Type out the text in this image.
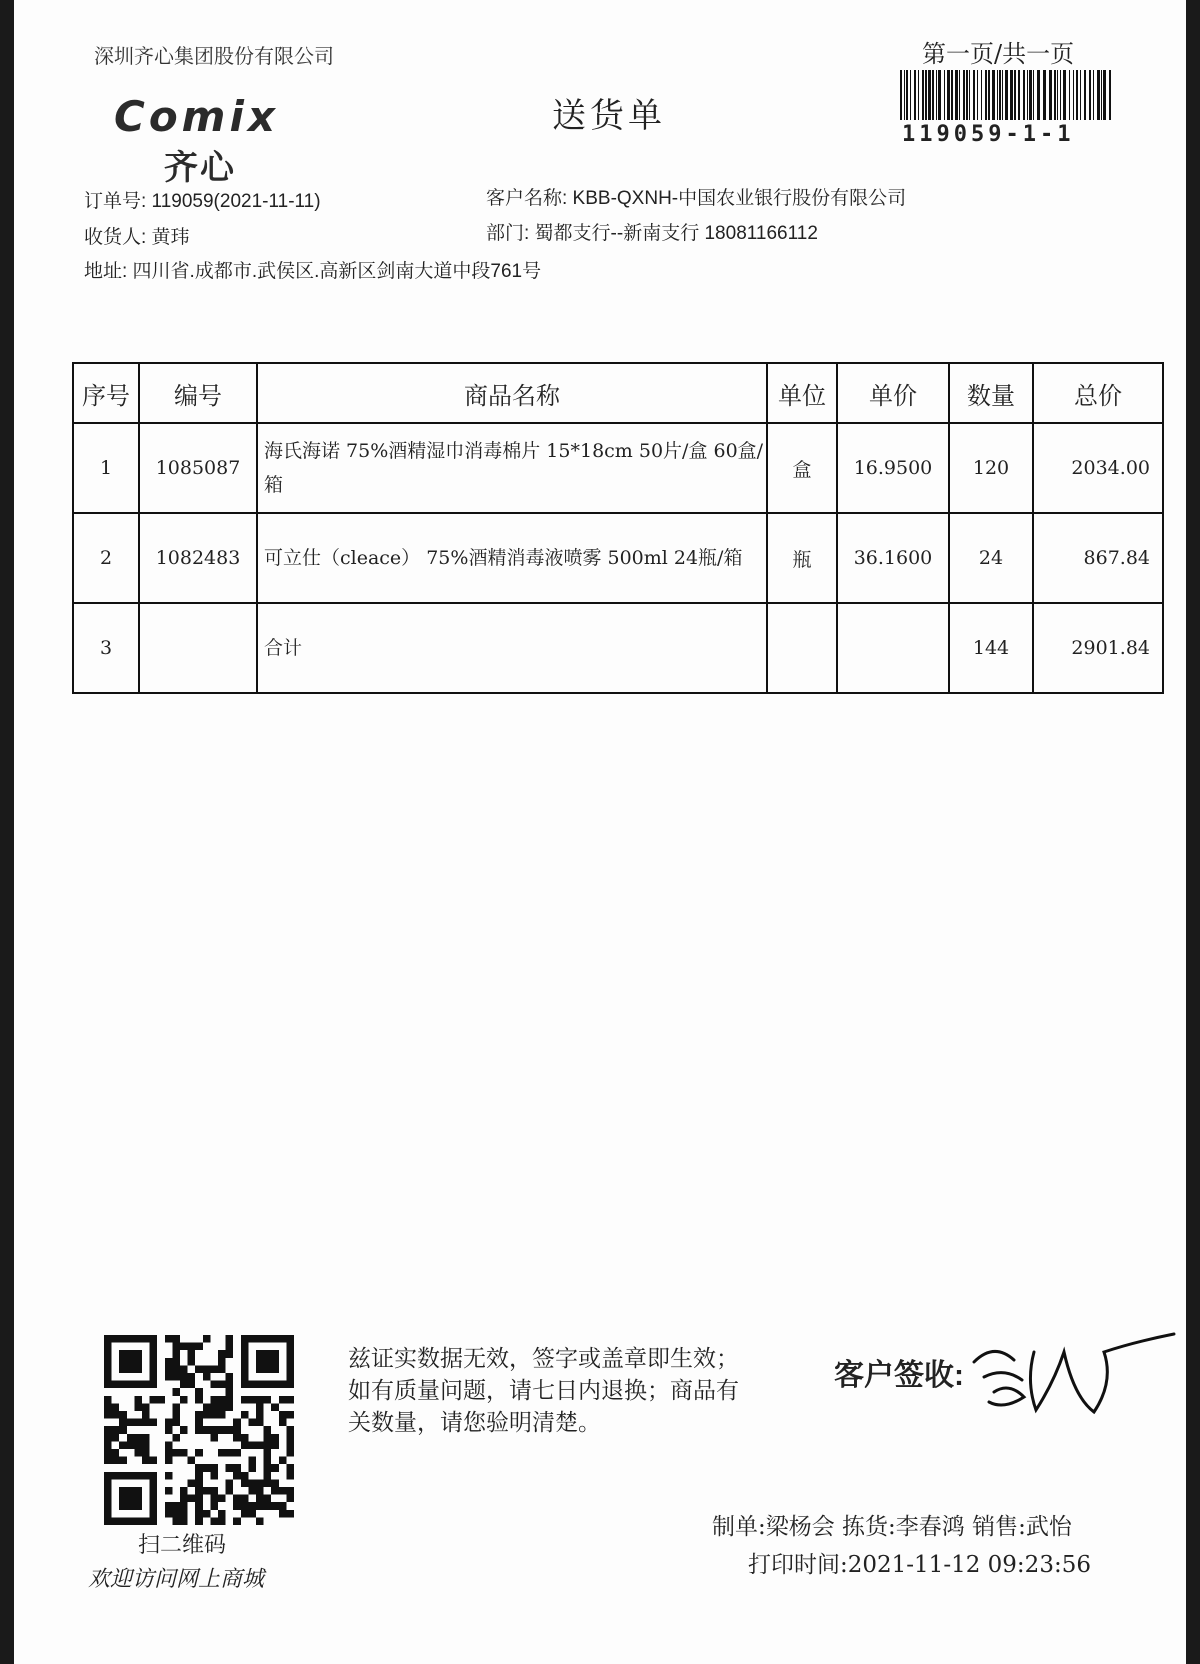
深圳齐心集团股份有限公司
Comix
齐心
送货单
第一页/共一页
119059-1-1
订单号: 119059(2021-11-11)	客户名称: KBB-QXNH-中国农业银行股份有限公司
收货人: 黄玮	部门: 蜀都支行--新南支行 18081166112
地址: 四川省.成都市.武侯区.高新区剑南大道中段761号
序号	编号	商品名称	单位	单价	数量	总价
1	1085087	海氏海诺 75%酒精湿巾消毒棉片 15*18cm 50片/盒 60盒/箱	盒	16.9500	120	2034.00
2	1082483	可立仕（cleace） 75%酒精消毒液喷雾 500ml 24瓶/箱	瓶	36.1600	24	867.84
3		合计			144	2901.84
扫二维码
欢迎访问网上商城
兹证实数据无效，签字或盖章即生效；如有质量问题，请七日内退换；商品有关数量，请您验明清楚。
客户签收:
制单:梁杨会 拣货:李春鸿 销售:武怡
打印时间:2021-11-12 09:23:56
